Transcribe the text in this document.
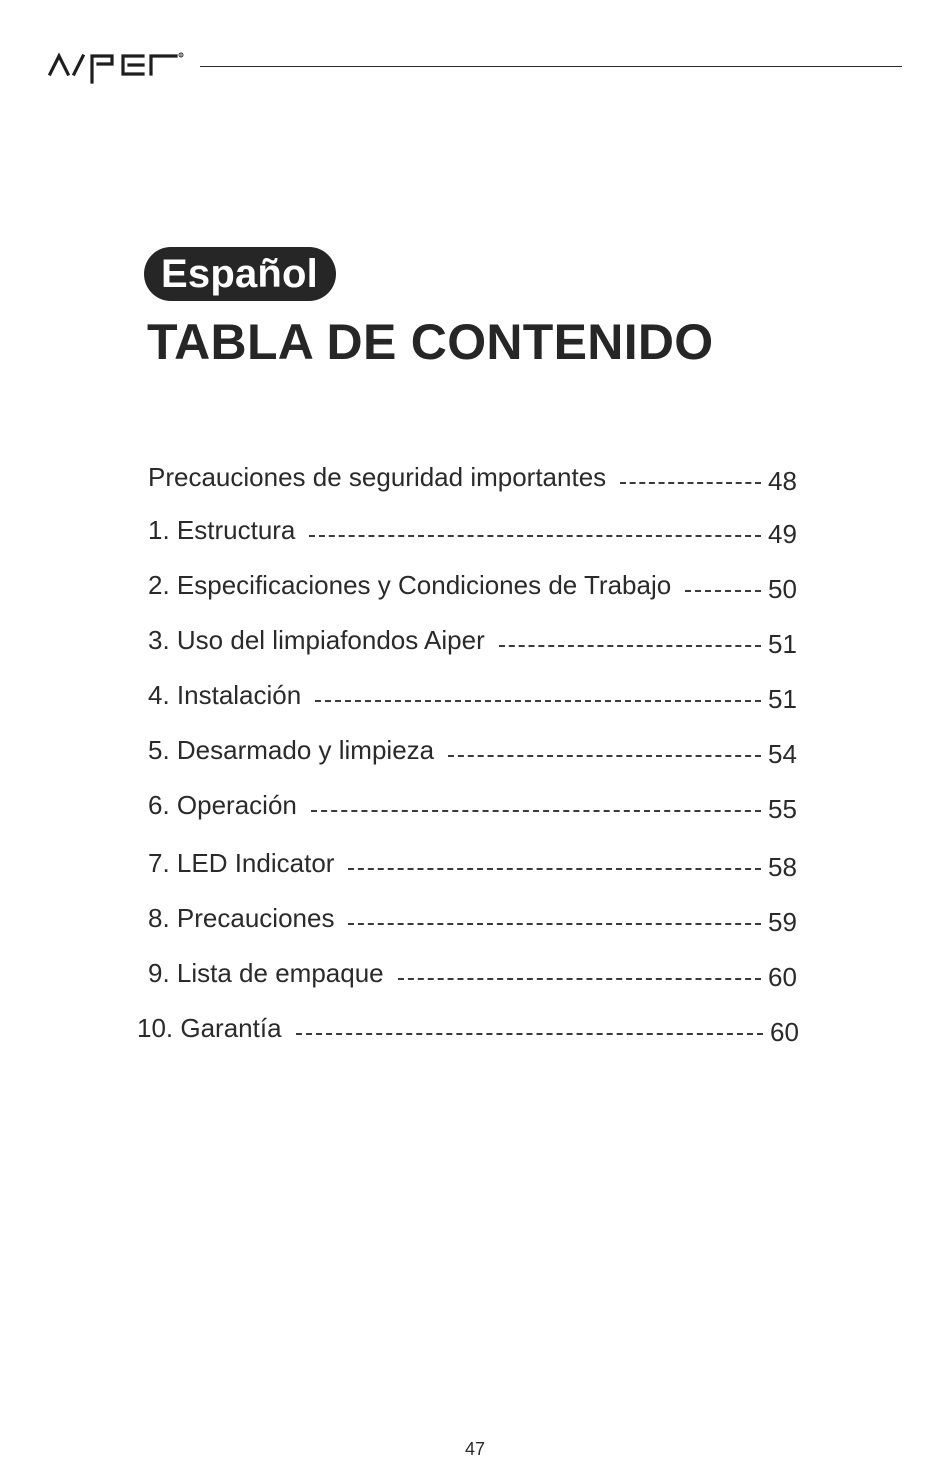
R
Español
TABLA DE CONTENIDO
Precauciones de seguridad importantes	48
1. Estructura	49
2. Especificaciones y Condiciones de Trabajo	50
3. Uso del limpiafondos Aiper	51
4. Instalación	51
5. Desarmado y limpieza	54
6. Operación	55
7. LED Indicator	58
8. Precauciones	59
9. Lista de empaque	60
10. Garantía	60
47
